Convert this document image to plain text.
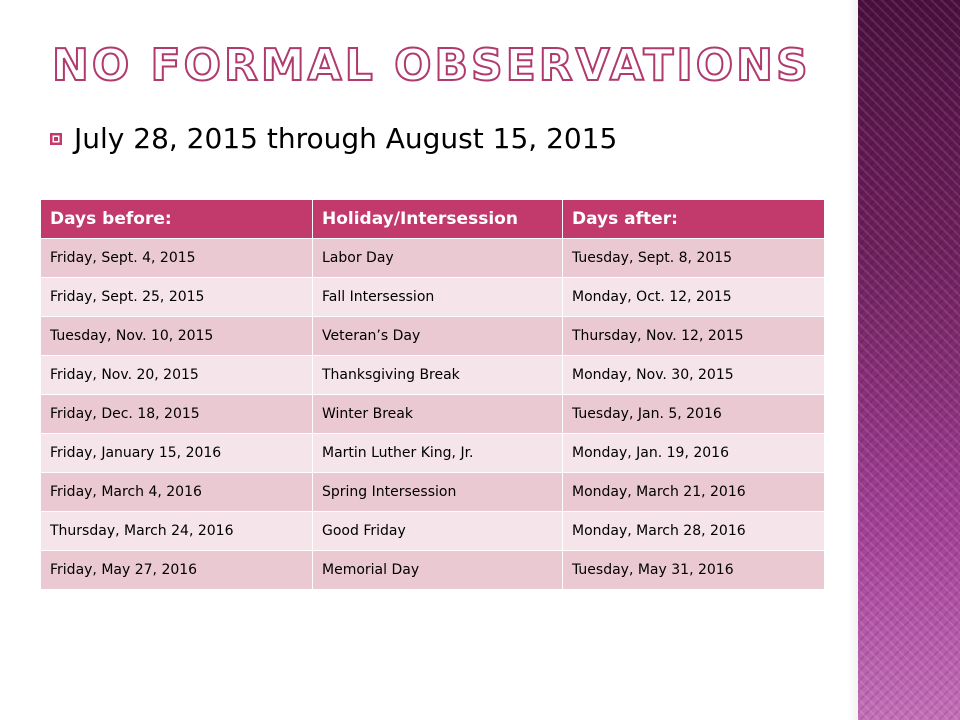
NO FORMAL OBSERVATIONS
July 28, 2015 through August 15, 2015
Days before:	Holiday/Intersession	Days after:
Friday, Sept. 4, 2015	Labor Day	Tuesday, Sept. 8, 2015
Friday, Sept. 25, 2015	Fall Intersession	Monday, Oct. 12, 2015
Tuesday, Nov. 10, 2015	Veteran’s Day	Thursday, Nov. 12, 2015
Friday, Nov. 20, 2015	Thanksgiving Break	Monday, Nov. 30, 2015
Friday, Dec. 18, 2015	Winter Break	Tuesday, Jan. 5, 2016
Friday, January 15, 2016	Martin Luther King, Jr.	Monday, Jan. 19, 2016
Friday, March 4, 2016	Spring Intersession	Monday, March 21, 2016
Thursday, March 24, 2016	Good Friday	Monday, March 28, 2016
Friday, May 27, 2016	Memorial Day	Tuesday, May 31, 2016
